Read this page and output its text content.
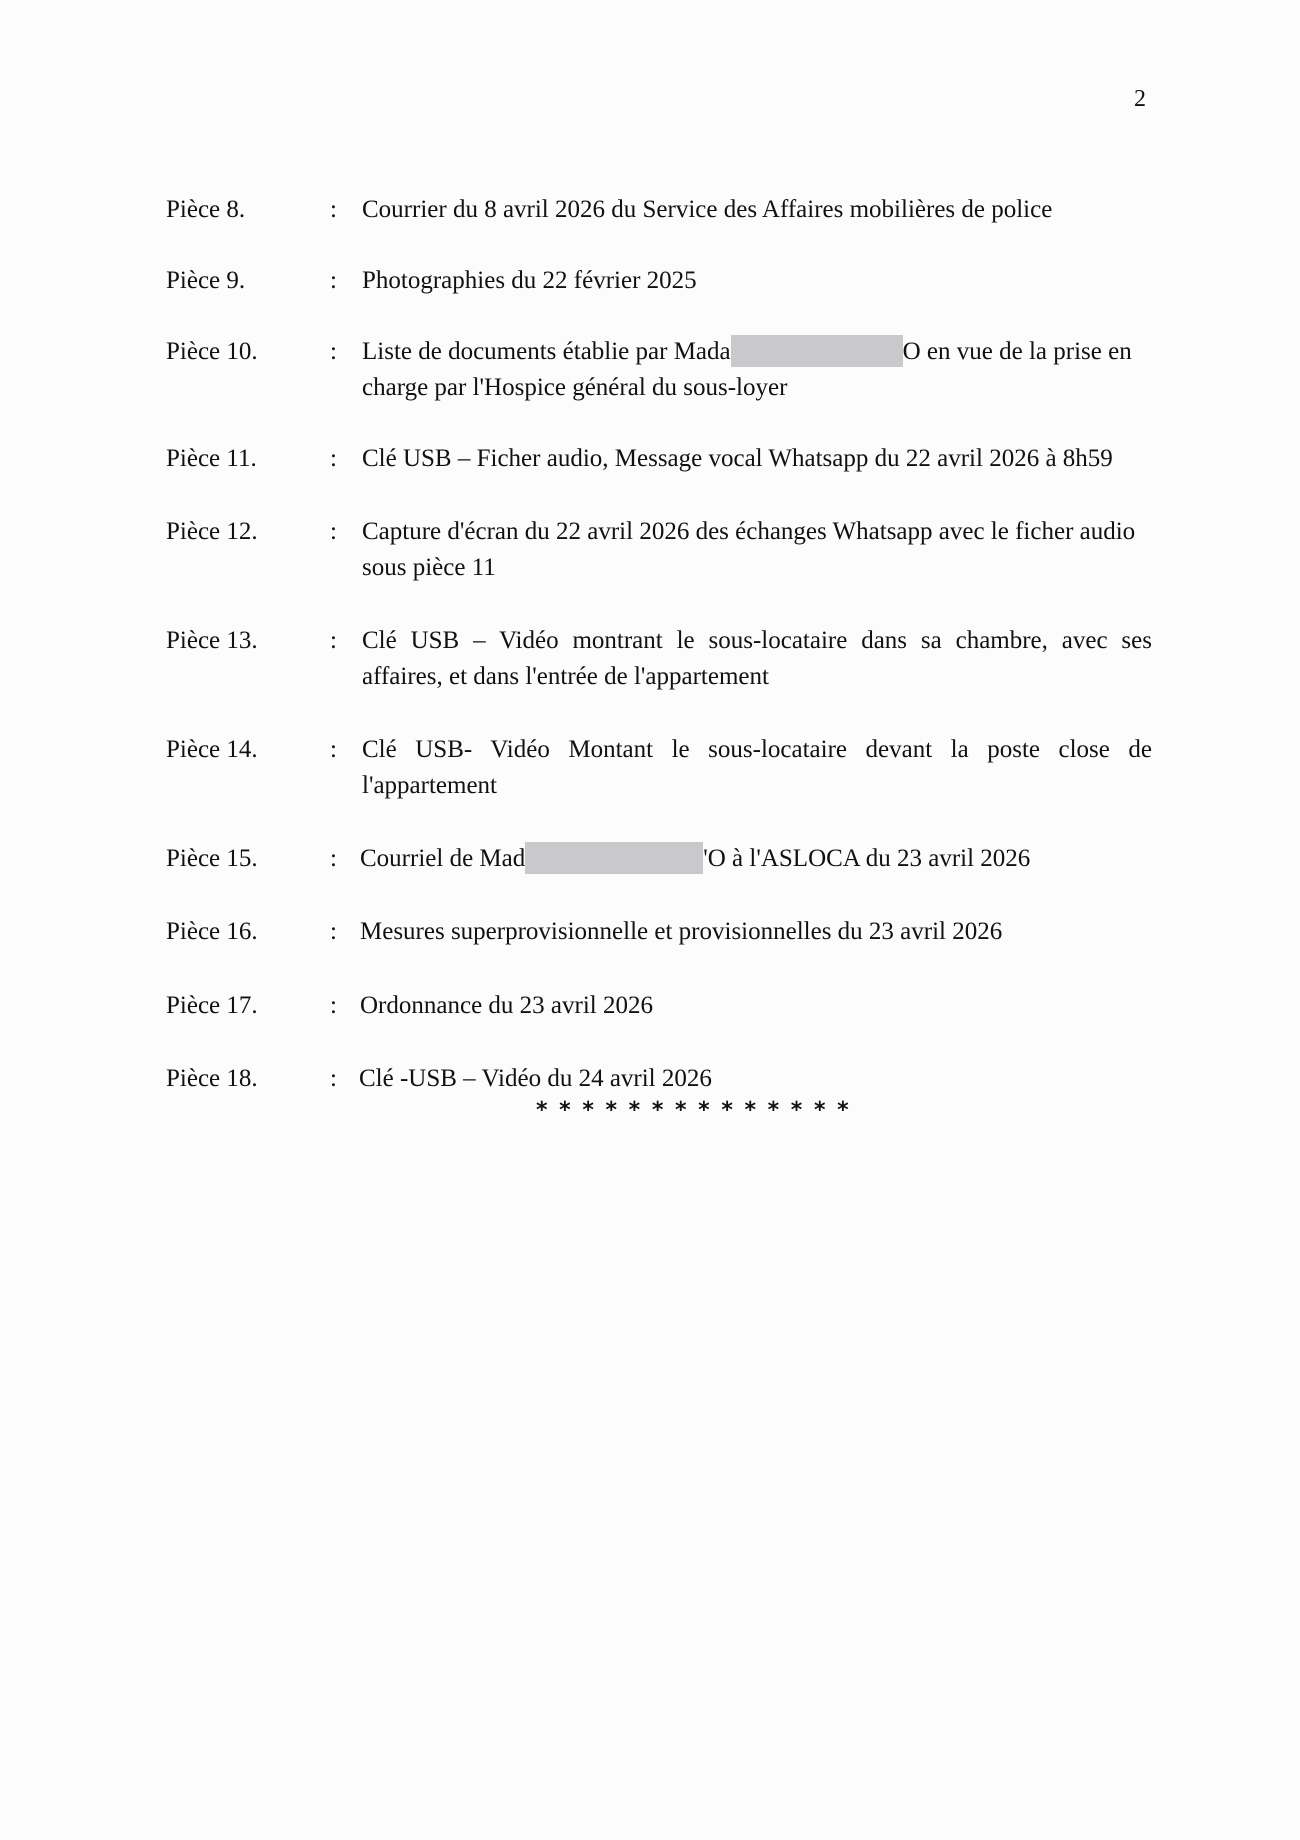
2
Pièce 8.	: Courrier du 8 avril 2026 du Service des Affaires mobilières de police
Pièce 9.	: Photographies du 22 février 2025
Pièce 10.	: Liste de documents établie par Mada	O en vue de la prise en
charge par l'Hospice général du sous-loyer
Pièce 11.	: Clé USB – Ficher audio, Message vocal Whatsapp du 22 avril 2026 à 8h59
Pièce 12.	: Capture d'écran du 22 avril 2026 des échanges Whatsapp avec le ficher audio
sous pièce 11
Pièce 13.	: Clé USB – Vidéo montrant le sous-locataire dans sa chambre, avec ses
affaires, et dans l'entrée de l'appartement
Pièce 14.	: Clé USB- Vidéo Montant le sous-locataire devant la poste close de
l'appartement
Pièce 15.	: Courriel de Mad	'O à l'ASLOCA du 23 avril 2026
Pièce 16.	: Mesures superprovisionnelle et provisionnelles du 23 avril 2026
Pièce 17.	: Ordonnance du 23 avril 2026
Pièce 18.	: Clé -USB – Vidéo du 24 avril 2026
* * * * * * * * * * * * * *
